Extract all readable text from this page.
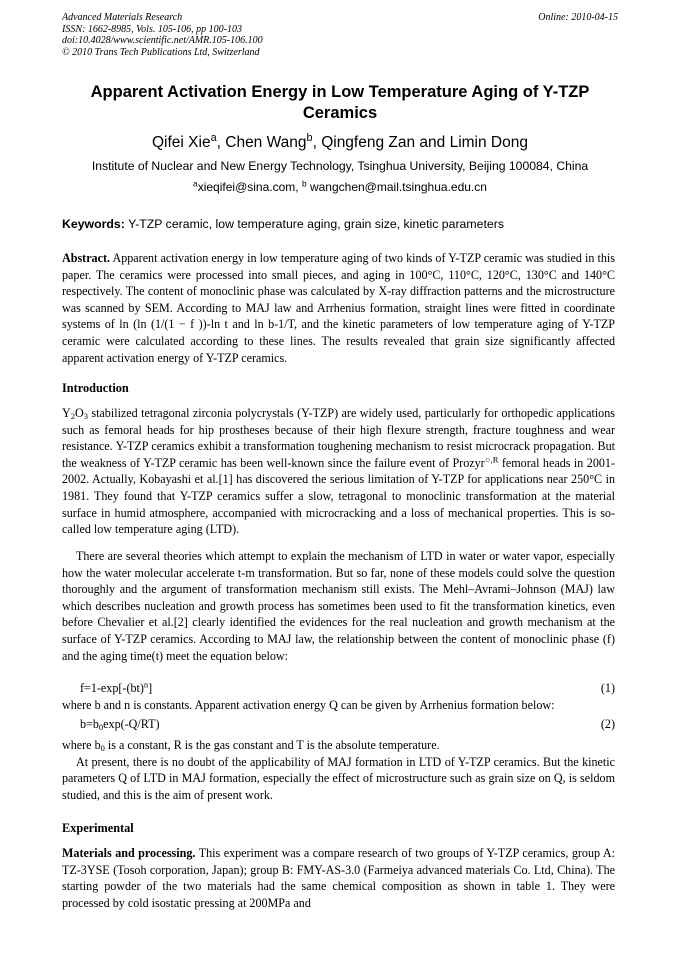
Advanced Materials Research
ISSN: 1662-8985, Vols. 105-106, pp 100-103
doi:10.4028/www.scientific.net/AMR.105-106.100
© 2010 Trans Tech Publications Ltd, Switzerland
Online: 2010-04-15
Apparent Activation Energy in Low Temperature Aging of Y-TZP Ceramics
Qifei Xie$^a$, Chen Wang$^b$, Qingfeng Zan and Limin Dong
Institute of Nuclear and New Energy Technology, Tsinghua University, Beijing 100084, China
$^a$xieqifei@sina.com, $^b$ wangchen@mail.tsinghua.edu.cn
Keywords: Y-TZP ceramic, low temperature aging, grain size, kinetic parameters
Abstract. Apparent activation energy in low temperature aging of two kinds of Y-TZP ceramic was studied in this paper. The ceramics were processed into small pieces, and aging in 100°C, 110°C, 120°C, 130°C and 140°C respectively. The content of monoclinic phase was calculated by X-ray diffraction patterns and the microstructure was scanned by SEM. According to MAJ law and Arrhenius formation, straight lines were fitted in coordinate systems of ln (ln (1/(1 − f ))-ln t and ln b-1/T, and the kinetic parameters of low temperature aging of Y-TZP ceramic were calculated according to these lines. The results revealed that grain size significantly affected apparent activation energy of Y-TZP ceramics.
Introduction
$Y_2O_3$ stabilized tetragonal zirconia polycrystals (Y-TZP) are widely used, particularly for orthopedic applications such as femoral heads for hip prostheses because of their high flexure strength, fracture toughness and wear resistance. Y-TZP ceramics exhibit a transformation toughening mechanism to resist microcrack propagation. But the weakness of Y-TZP ceramic has been well-known since the failure event of Prozyr$^{○,R}$ femoral heads in 2001-2002. Actually, Kobayashi et al.[1] has discovered the serious limitation of Y-TZP for applications near 250°C in 1981. They found that Y-TZP ceramics suffer a slow, tetragonal to monoclinic transformation at the material surface in humid atmosphere, accompanied with microcracking and a loss of mechanical properties. This is so-called low temperature aging (LTD).
There are several theories which attempt to explain the mechanism of LTD in water or water vapor, especially how the water molecular accelerate t-m transformation. But so far, none of these models could solve the question thoroughly and the argument of transformation mechanism still exists. The Mehl–Avrami–Johnson (MAJ) law which describes nucleation and growth process has sometimes been used to fit the transformation kinetics, even before Chevalier et al.[2] clearly identified the evidences for the real nucleation and growth mechanism at the surface of Y-TZP ceramics. According to MAJ law, the relationship between the content of monoclinic phase (f) and the aging time(t) meet the equation below:
f=1-exp[-(bt)$^n$]	(1)
where b and n is constants. Apparent activation energy Q can be given by Arrhenius formation below:
$b=b_0\exp(-Q/RT)$	(2)

where $b_0$ is a constant, R is the gas constant and T is the absolute temperature.

At present, there is no doubt of the applicability of MAJ formation in LTD of Y-TZP ceramics. But the kinetic parameters Q of LTD in MAJ formation, especially the effect of microstructure such as grain size on Q, is seldom studied, and this is the aim of present work.

Experimental
Materials and processing. This experiment was a compare research of two groups of Y-TZP ceramics, group A: TZ-3YSE (Tosoh corporation, Japan); group B: FMY-AS-3.0 (Farmeiya advanced materials Co. Ltd, China). The starting powder of the two materials had the same chemical composition as shown in table 1. They were processed by cold isostatic pressing at 200MPa and
